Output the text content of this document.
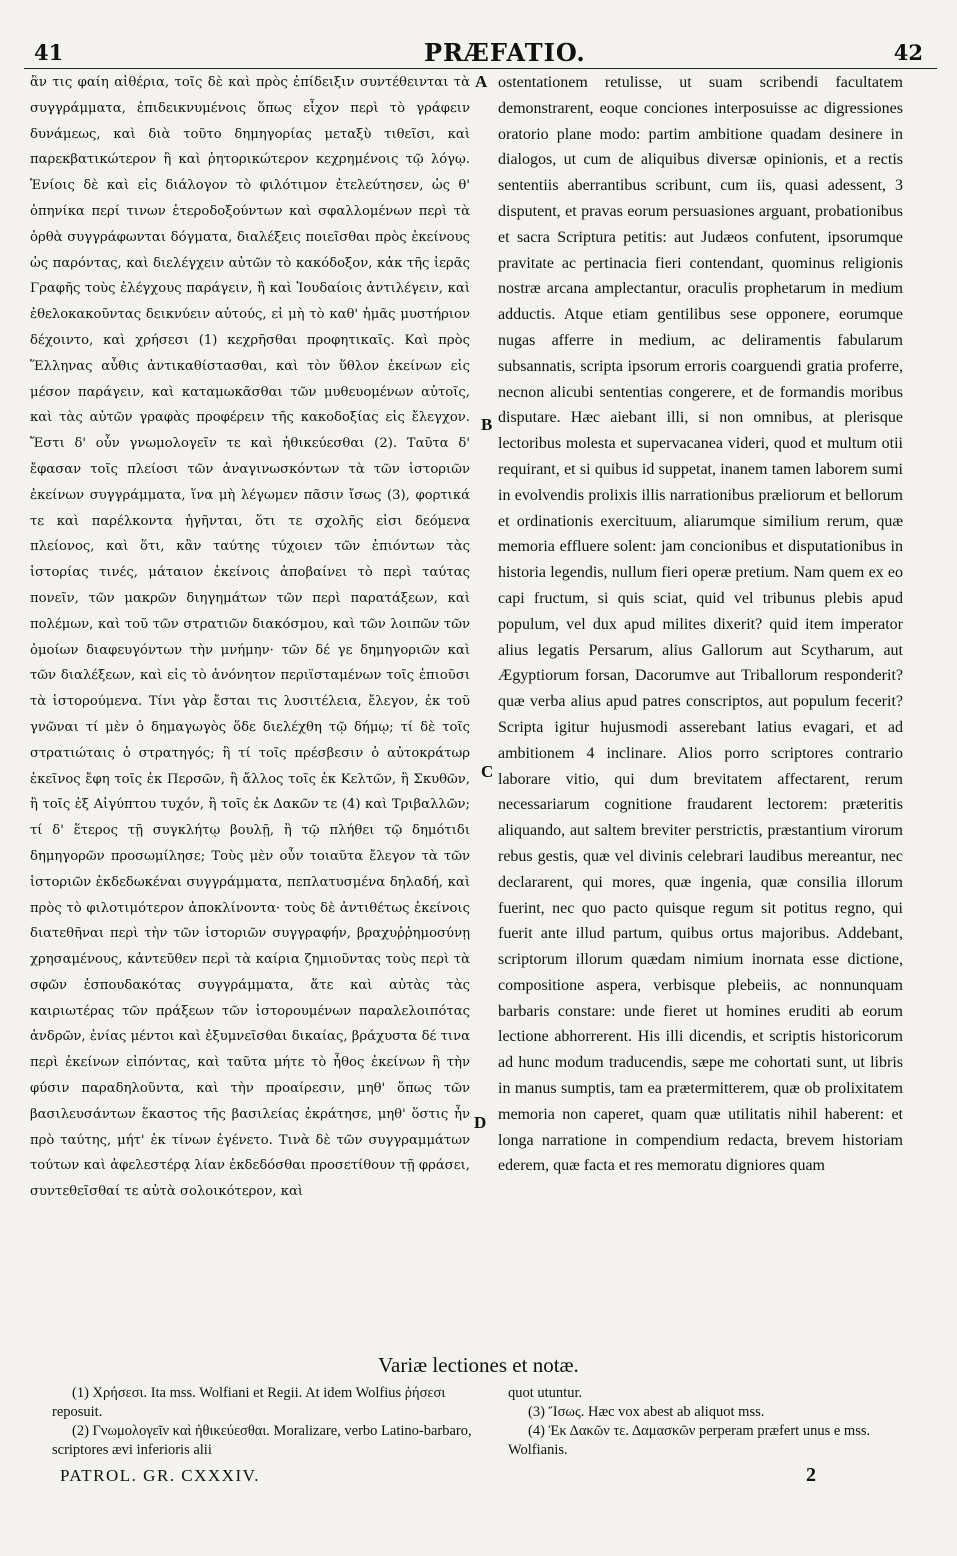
41	PRÆFATIO.	42
ἂν τις φαίη αἰθέρια, τοῖς δὲ καὶ πρὸς ἐπίδειξιν συντέθεινται τὰ συγγράμματα, ἐπιδεικνυμένοις ὅπως εἶχον περὶ τὸ γράφειν δυνάμεως, καὶ διὰ τοῦτο δημηγορίας μεταξὺ τιθεῖσι, καὶ παρεκβατικώτερον ἢ καὶ ῥητορικώτερον κεχρημένοις τῷ λόγῳ. Ἐνίοις δὲ καὶ εἰς διάλογον τὸ φιλότιμον ἐτελεύτησεν, ὡς θ' ὁπηνίκα περί τινων ἑτεροδοξούντων καὶ σφαλλομένων περὶ τὰ ὀρθὰ συγγράφωνται δόγματα, διαλέξεις ποιεῖσθαι πρὸς ἐκείνους ὡς παρόντας, καὶ διελέγχειν αὐτῶν τὸ κακόδοξον, κἀκ τῆς ἱερᾶς Γραφῆς τοὺς ἐλέγχους παράγειν, ἢ καὶ Ἰουδαίοις ἀντιλέγειν, καὶ ἐθελοκακοῦντας δεικνύειν αὐτούς, εἰ μὴ τὸ καθ' ἡμᾶς μυστήριον δέχοιντο, καὶ χρήσεσι (1) κεχρῆσθαι προφητικαῖς. Καὶ πρὸς Ἕλληνας αὖθις ἀντικαθίστασθαι, καὶ τὸν ὕθλον ἐκείνων εἰς μέσον παράγειν, καὶ καταμωκᾶσθαι τῶν μυθευομένων αὐτοῖς, καὶ τὰς αὐτῶν γραφὰς προφέρειν τῆς κακοδοξίας εἰς ἔλεγχον. Ἔστι δ' οὖν γνωμολογεῖν τε καὶ ἠθικεύεσθαι (2). Ταῦτα δ' ἔφασαν τοῖς πλείοσι τῶν ἀναγινωσκόντων τὰ τῶν ἱστοριῶν ἐκείνων συγγράμματα, ἵνα μὴ λέγωμεν πᾶσιν ἴσως (3), φορτικά τε καὶ παρέλκοντα ἡγῆνται, ὅτι τε σχολῆς εἰσι δεόμενα πλείονος, καὶ ὅτι, κἂν ταύτης τύχοιεν τῶν ἐπιόντων τὰς ἱστορίας τινές, μάταιον ἐκείνοις ἀποβαίνει τὸ περὶ ταύτας πονεῖν, τῶν μακρῶν διηγημάτων τῶν περὶ παρατάξεων, καὶ πολέμων, καὶ τοῦ τῶν στρατιῶν διακόσμου, καὶ τῶν λοιπῶν τῶν ὁμοίων διαφευγόντων τὴν μνήμην· τῶν δέ γε δημηγοριῶν καὶ τῶν διαλέξεων, καὶ εἰς τὸ ἀνόνητον περιϊσταμένων τοῖς ἐπιοῦσι τὰ ἱστορούμενα. Τίνι γὰρ ἔσται τις λυσιτέλεια, ἔλεγον, ἐκ τοῦ γνῶναι τί μὲν ὁ δημαγωγὸς ὅδε διελέχθη τῷ δήμῳ; τί δὲ τοῖς στρατιώταις ὁ στρατηγός; ἢ τί τοῖς πρέσβεσιν ὁ αὐτοκράτωρ ἐκεῖνος ἔφη τοῖς ἐκ Περσῶν, ἢ ἄλλος τοῖς ἐκ Κελτῶν, ἢ Σκυθῶν, ἢ τοῖς ἐξ Αἰγύπτου τυχόν, ἢ τοῖς ἐκ Δακῶν τε (4) καὶ Τριβαλλῶν; τί δ' ἕτερος τῇ συγκλήτῳ βουλῇ, ἢ τῷ πλήθει τῷ δημότιδι δημηγορῶν προσωμίλησε; Τοὺς μὲν οὖν τοιαῦτα ἔλεγον τὰ τῶν ἱστοριῶν ἐκδεδωκέναι συγγράμματα, πεπλατυσμένα δηλαδή, καὶ πρὸς τὸ φιλοτιμότερον ἀποκλίνοντα· τοὺς δὲ ἀντιθέτως ἐκείνοις διατεθῆναι περὶ τὴν τῶν ἱστοριῶν συγγραφήν, βραχυῤῥημοσύνῃ χρησαμένους, κἀντεῦθεν περὶ τὰ καίρια ζημιοῦντας τοὺς περὶ τὰ σφῶν ἐσπουδακότας συγγράμματα, ἅτε καὶ αὐτὰς τὰς καιριωτέρας τῶν πράξεων τῶν ἱστορουμένων παραλελοιπότας ἀνδρῶν, ἐνίας μέντοι καὶ ἐξυμνεῖσθαι δικαίας, βράχυστα δέ τινα περὶ ἐκείνων εἰπόντας, καὶ ταῦτα μήτε τὸ ἦθος ἐκείνων ἢ τὴν φύσιν παραδηλοῦντα, καὶ τὴν προαίρεσιν, μηθ' ὅπως τῶν βασιλευσάντων ἕκαστος τῆς βασιλείας ἐκράτησε, μηθ' ὅστις ἦν πρὸ ταύτης, μήτ' ἐκ τίνων ἐγένετο. Τινὰ δὲ τῶν συγγραμμάτων τούτων καὶ ἀφελεστέρᾳ λίαν ἐκδεδόσθαι προσετίθουν τῇ φράσει, συντεθεῖσθαί τε αὐτὰ σολοικότερον, καὶ
ostentationem retulisse, ut suam scribendi facultatem demonstrarent, eoque conciones interposuisse ac digressiones oratorio plane modo: partim ambitione quadam desinere in dialogos, ut cum de aliquibus diversæ opinionis, et a rectis sententiis aberrantibus scribunt, cum iis, quasi adessent, 3 disputent, et pravas eorum persuasiones arguant, probationibus et sacra Scriptura petitis: aut Judæos confutent, ipsorumque pravitate ac pertinacia fieri contendant, quominus religionis nostræ arcana amplectantur, oraculis prophetarum in medium adductis. Atque etiam gentilibus sese opponere, eorumque nugas afferre in medium, ac deliramentis fabularum subsannatis, scripta ipsorum erroris coarguendi gratia proferre, necnon alicubi sententias congerere, et de formandis moribus disputare. Hæc aiebant illi, si non omnibus, at plerisque lectoribus molesta et supervacanea videri, quod et multum otii requirant, et si quibus id suppetat, inanem tamen laborem sumi in evolvendis prolixis illis narrationibus præliorum et bellorum et ordinationis exercituum, aliarumque similium rerum, quæ memoria effluere solent: jam concionibus et disputationibus in historia legendis, nullum fieri operæ pretium. Nam quem ex eo capi fructum, si quis sciat, quid vel tribunus plebis apud populum, vel dux apud milites dixerit? quid item imperator alius legatis Persarum, alius Gallorum aut Scytharum, aut Ægyptiorum forsan, Dacorumve aut Triballorum responderit? quæ verba alius apud patres conscriptos, aut populum fecerit? Scripta igitur hujusmodi asserebant latius evagari, et ad ambitionem 4 inclinare. Alios porro scriptores contrario laborare vitio, qui dum brevitatem affectarent, rerum necessariarum cognitione fraudarent lectorem: præteritis aliquando, aut saltem breviter perstrictis, præstantium virorum rebus gestis, quæ vel divinis celebrari laudibus mereantur, nec declararent, qui mores, quæ ingenia, quæ consilia illorum fuerint, nec quo pacto quisque regum sit potitus regno, qui fuerit ante illud partum, quibus ortus majoribus. Addebant, scriptorum illorum quædam nimium inornata esse dictione, compositione aspera, verbisque plebeiis, ac nonnunquam barbaris constare: unde fieret ut homines eruditi ab eorum lectione abhorrerent. His illi dicendis, et scriptis historicorum ad hunc modum traducendis, sæpe me cohortati sunt, ut libris in manus sumptis, tam ea prætermitterem, quæ ob prolixitatem memoria non caperet, quam quæ utilitatis nihil haberent: et longa narratione in compendium redacta, brevem historiam ederem, quæ facta et res memoratu digniores quam
A
B
C
D
Variæ lectiones et notæ.

(1) Χρήσεσι. Ita mss. Wolfiani et Regii. At idem Wolfius ῥήσεσι reposuit.

(2) Γνωμολογεῖν καὶ ἠθικεύεσθαι. Moralizare, verbo Latino-barbaro, scriptores ævi inferioris alii

quot utuntur.

(3) Ἴσως. Hæc vox abest ab aliquot mss.

(4) Ἐκ Δακῶν τε. Δαμασκῶν perperam præfert unus e mss. Wolfianis.

PATROL. GR. CXXXIV.	2
